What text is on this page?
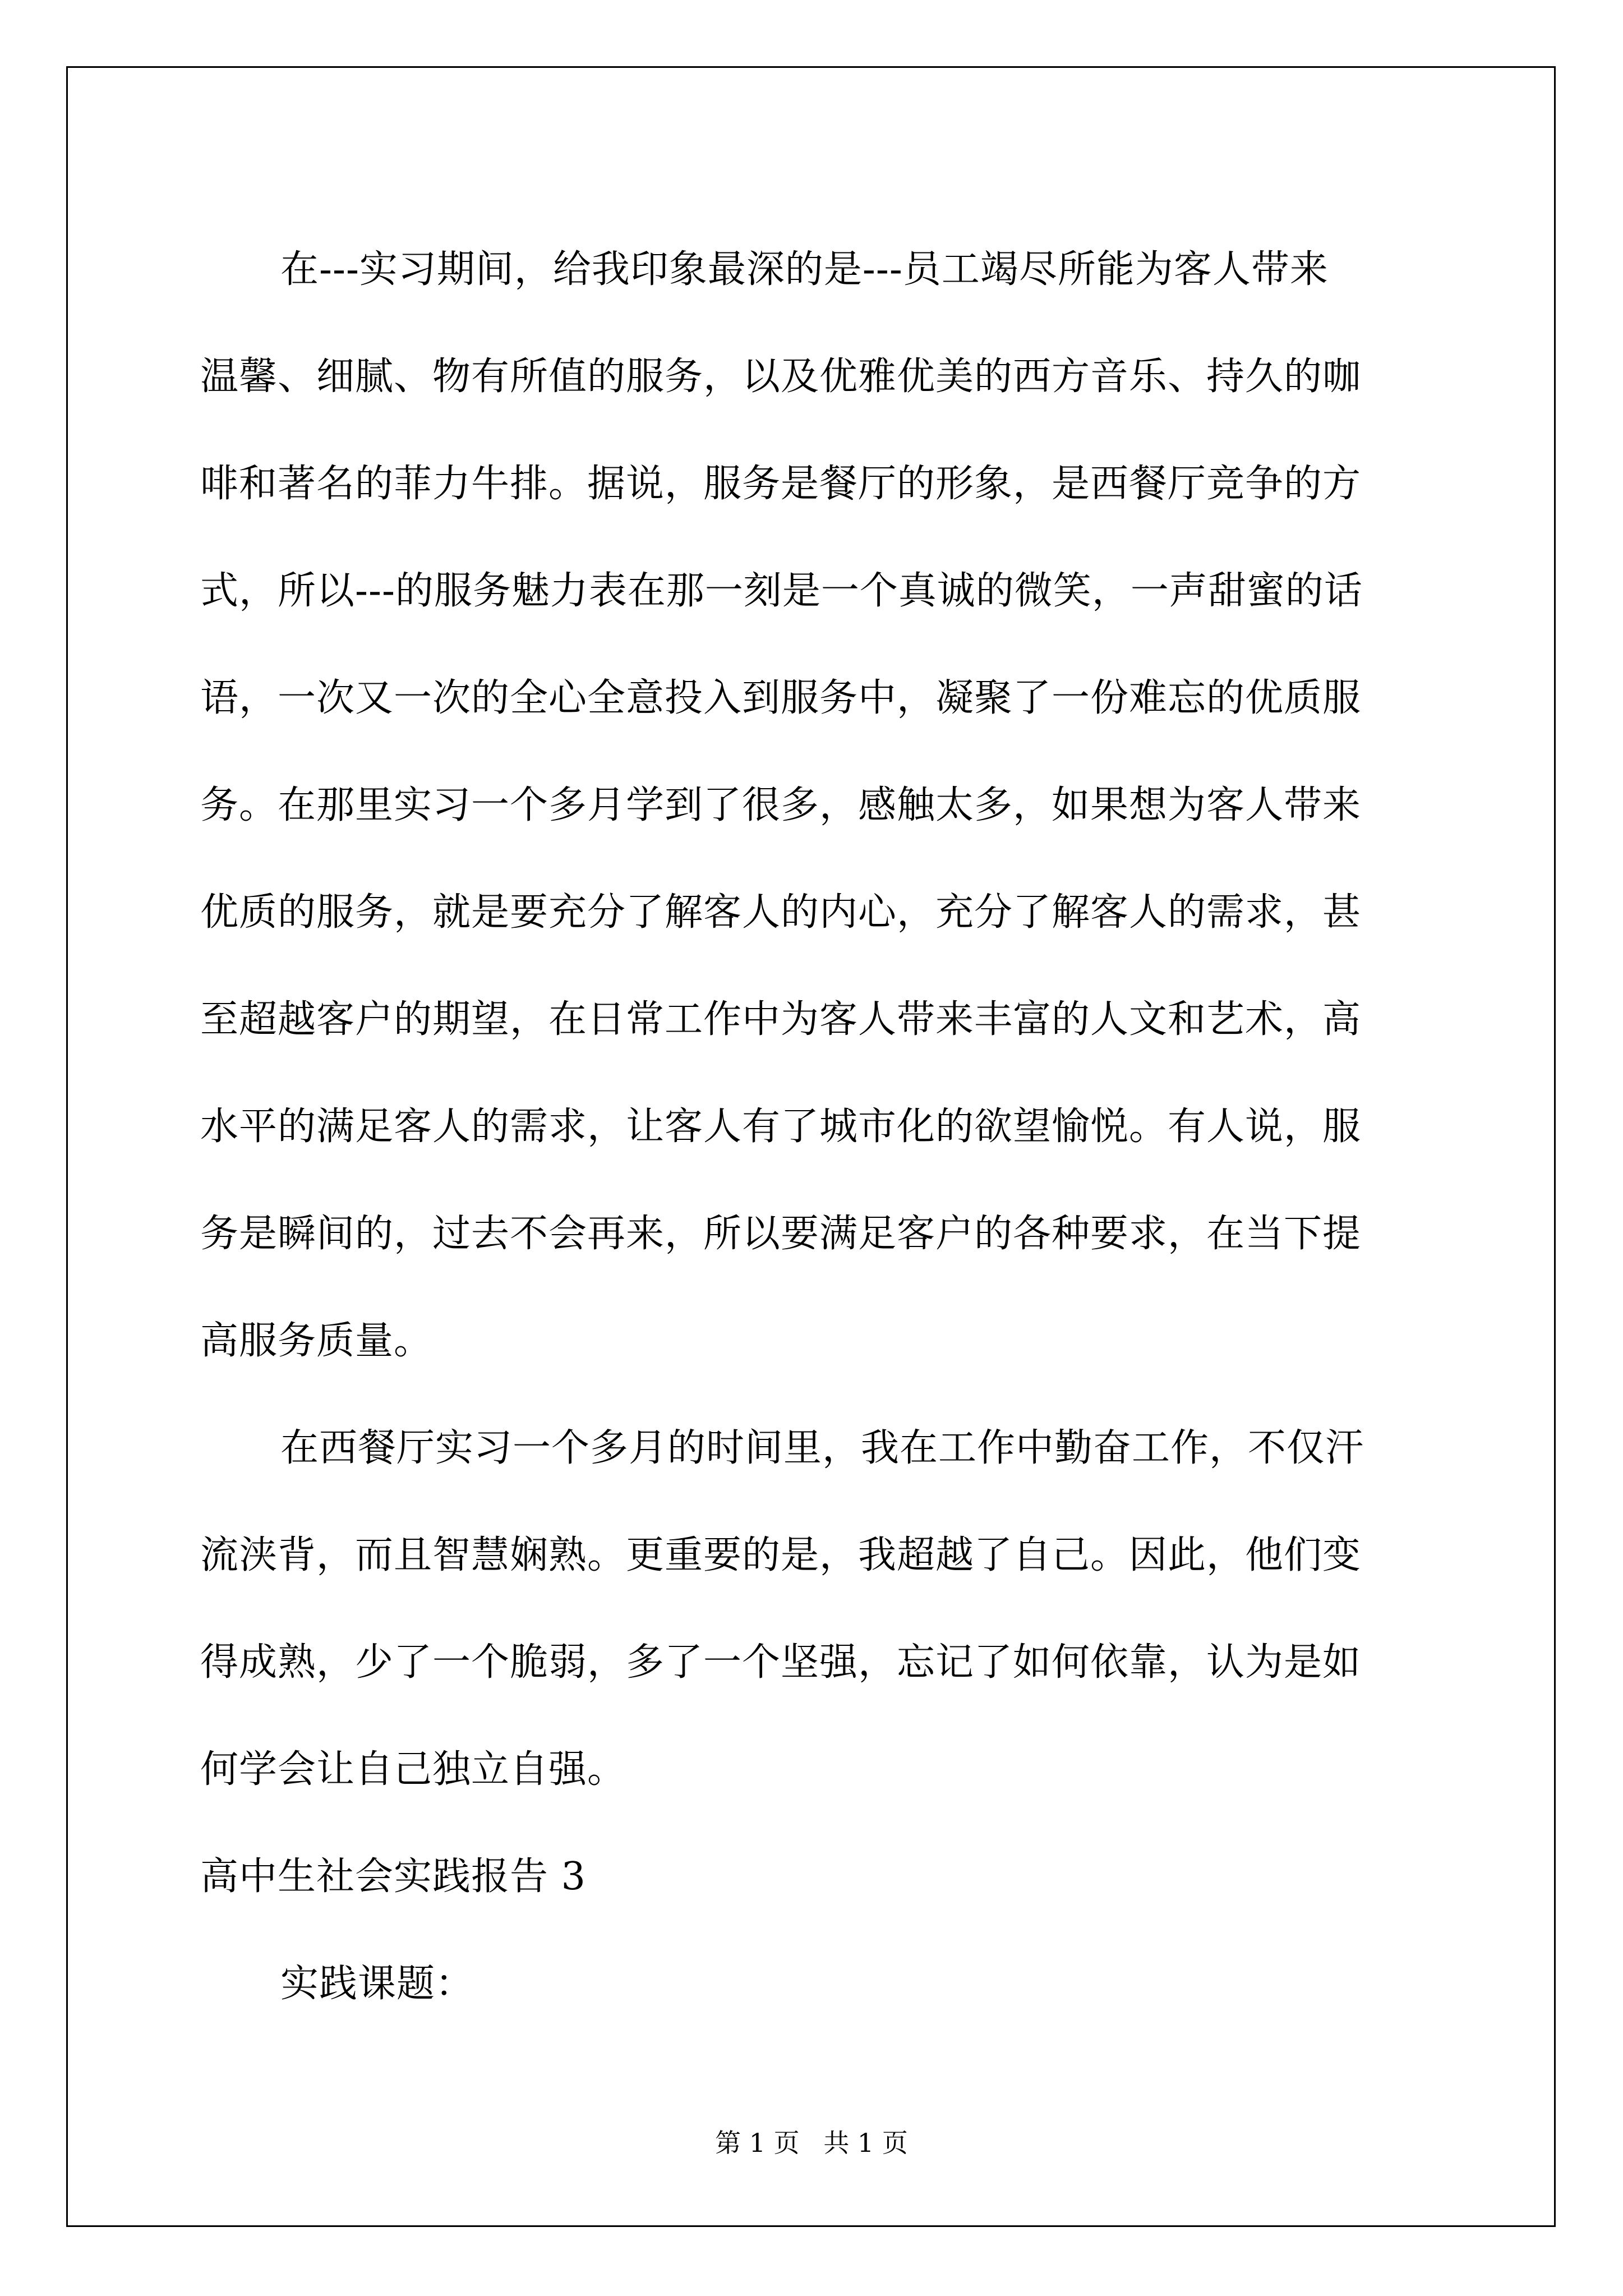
在---实习期间，给我印象最深的是---员工竭尽所能为客人带来
温馨、细腻、物有所值的服务，以及优雅优美的西方音乐、持久的咖
啡和著名的菲力牛排。据说，服务是餐厅的形象，是西餐厅竞争的方
式，所以---的服务魅力表在那一刻是一个真诚的微笑，一声甜蜜的话
语，一次又一次的全心全意投入到服务中，凝聚了一份难忘的优质服
务。在那里实习一个多月学到了很多，感触太多，如果想为客人带来
优质的服务，就是要充分了解客人的内心，充分了解客人的需求，甚
至超越客户的期望，在日常工作中为客人带来丰富的人文和艺术，高
水平的满足客人的需求，让客人有了城市化的欲望愉悦。有人说，服
务是瞬间的，过去不会再来，所以要满足客户的各种要求，在当下提
高服务质量。
在西餐厅实习一个多月的时间里，我在工作中勤奋工作，不仅汗
流浃背，而且智慧娴熟。更重要的是，我超越了自己。因此，他们变
得成熟，少了一个脆弱，多了一个坚强，忘记了如何依靠，认为是如
何学会让自己独立自强。
高中生社会实践报告 3
实践课题：
第 1 页 共 1 页
